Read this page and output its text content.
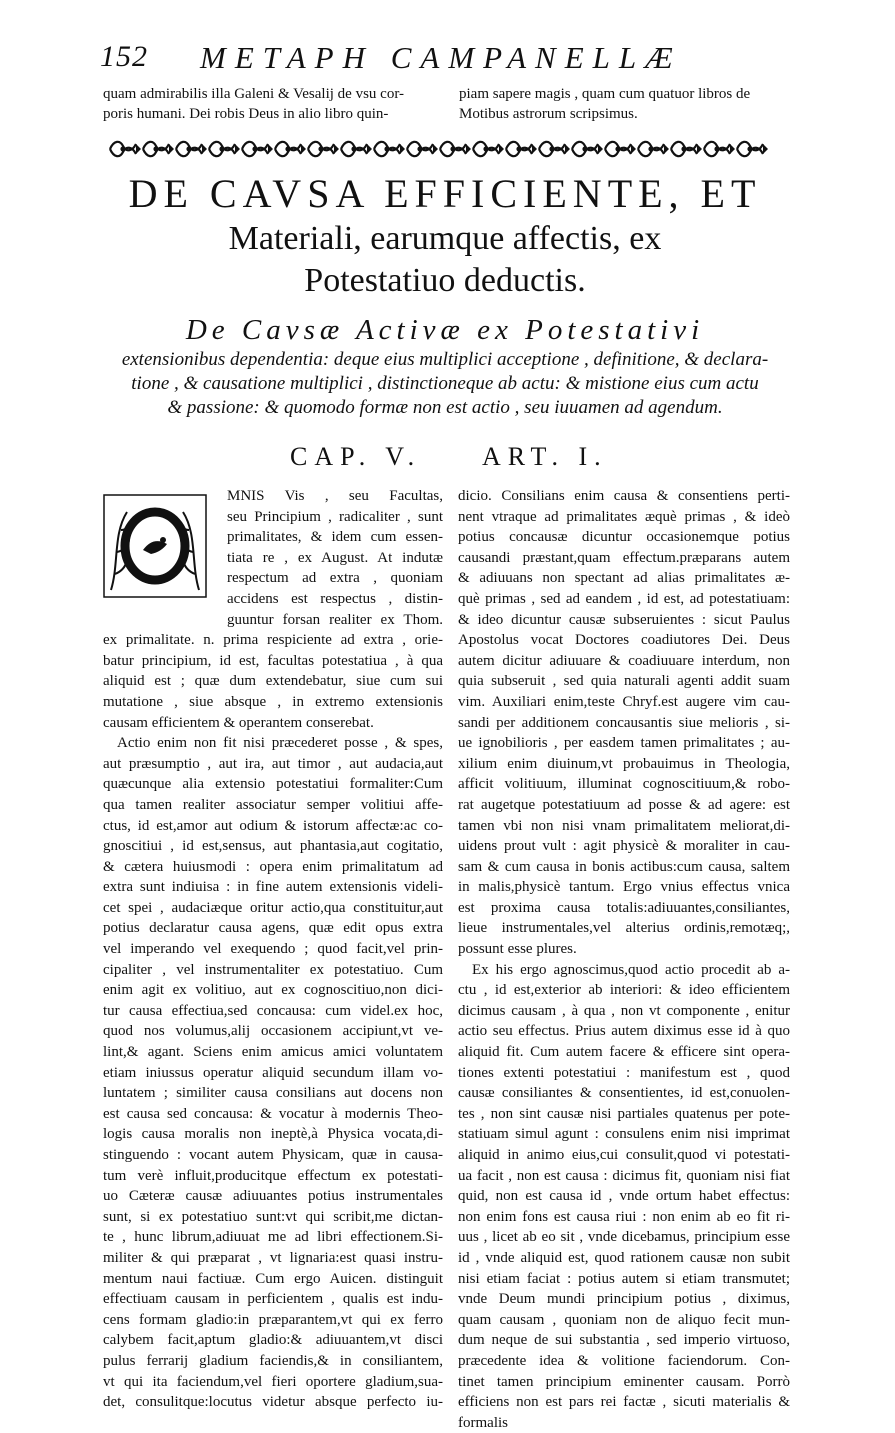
152 METAPH CAMPANELLÆ
quam admirabilis illa Galeni & Vesalij de vsu cor-
poris humani. Dei robis Deus in alio libro quin-
piam sapere magis , quam cum quatuor libros de
Motibus astrorum scripsimus.
DE CAVSA EFFICIENTE, ET
Materiali, earumque affectis, ex
Potestatiuo deductis.
De Cavsæ Activæ ex Potestativi
extensionibus dependentia: deque eius multiplici acceptione , definitione, & declara-
tione , & causatione multiplici , distinctioneque ab actu: & mistione eius cum actu
& passione: & quomodo formæ non est actio , seu iuuamen ad agendum.
CAP. V. ART. I.
MNIS Vis , seu Facultas,
seu Principium , radicaliter , sunt
primalitates, & idem cum essen-
tiata re , ex August. At indutæ
respectum ad extra , quoniam
accidens est respectus , distin-
guuntur forsan realiter ex Thom.
ex primalitate. n. prima respiciente ad extra , orie-
batur principium, id est, facultas potestatiua , à qua
aliquid est ; quæ dum extendebatur, siue cum sui
mutatione , siue absque , in extremo extensionis
causam efficientem & operantem conserebat.
Actio enim non fit nisi præcederet posse , & spes,
aut præsumptio , aut ira, aut timor , aut audacia,aut
quæcunque alia extensio potestatiui formaliter:Cum
qua tamen realiter associatur semper volitiui affe-
ctus, id est,amor aut odium & istorum affectæ:ac co-
gnoscitiui , id est,sensus, aut phantasia,aut cogitatio,
& cætera huiusmodi : opera enim primalitatum ad
extra sunt indiuisa : in fine autem extensionis videli-
cet spei , audaciæque oritur actio,qua constituitur,aut
potius declaratur causa agens, quæ edit opus extra
vel imperando vel exequendo ; quod facit,vel prin-
cipaliter , vel instrumentaliter ex potestatiuo. Cum
enim agit ex volitiuo, aut ex cognoscitiuo,non dici-
tur causa effectiua,sed concausa: cum videl.ex hoc,
quod nos volumus,alij occasionem accipiunt,vt ve-
lint,& agant. Sciens enim amicus amici voluntatem
etiam iniussus operatur aliquid secundum illam vo-
luntatem ; similiter causa consilians aut docens non
est causa sed concausa: & vocatur à modernis Theo-
logis causa moralis non ineptè,à Physica vocata,di-
stinguendo : vocant autem Physicam, quæ in causa-
tum verè influit,producitque effectum ex potestati-
uo Cæteræ causæ adiuuantes potius instrumentales
sunt, si ex potestatiuo sunt:vt qui scribit,me dictan-
te , hunc librum,adiuuat me ad libri effectionem.Si-
militer & qui præparat , vt lignaria:est quasi instru-
mentum naui factiuæ. Cum ergo Auicen. distinguit
effectiuam causam in perficientem , qualis est indu-
cens formam gladio:in præparantem,vt qui ex ferro
calybem facit,aptum gladio:& adiuuantem,vt disci
pulus ferrarij gladium faciendis,& in consiliantem,
vt qui ita faciendum,vel fieri oportere gladium,sua-
det, consulitque:locutus videtur absque perfecto iu-
dicio. Consilians enim causa & consentiens perti-
nent vtraque ad primalitates æquè primas , & ideò
potius concausæ dicuntur occasionemque potius
causandi præstant,quam effectum.præparans autem
& adiuuans non spectant ad alias primalitates æ-
què primas , sed ad eandem , id est, ad potestatiuam:
& ideo dicuntur causæ subseruientes : sicut Paulus
Apostolus vocat Doctores coadiutores Dei. Deus
autem dicitur adiuuare & coadiuuare interdum, non
quia subseruit , sed quia naturali agenti addit suam
vim. Auxiliari enim,teste Chryf.est augere vim cau-
sandi per additionem concausantis siue melioris , si-
ue ignobilioris , per easdem tamen primalitates ; au-
xilium enim diuinum,vt probauimus in Theologia,
afficit volitiuum, illuminat cognoscitiuum,& robo-
rat augetque potestatiuum ad posse & ad agere: est
tamen vbi non nisi vnam primalitatem meliorat,di-
uidens prout vult : agit physicè & moraliter in cau-
sam & cum causa in bonis actibus:cum causa, saltem
in malis,physicè tantum. Ergo vnius effectus vnica
est proxima causa totalis:adiuuantes,consiliantes,
lieue instrumentales,vel alterius ordinis,remotæq;,
possunt esse plures.
Ex his ergo agnoscimus,quod actio procedit ab a-
ctu , id est,exterior ab interiori: & ideo efficientem
dicimus causam , à qua , non vt componente , enitur
actio seu effectus. Prius autem diximus esse id à quo
aliquid fit. Cum autem facere & efficere sint opera-
tiones extenti potestatiui : manifestum est , quod
causæ consiliantes & consentientes, id est,conuolen-
tes , non sint causæ nisi partiales quatenus per pote-
statiuam simul agunt : consulens enim nisi imprimat
aliquid in animo eius,cui consulit,quod vi potestati-
ua facit , non est causa : dicimus fit, quoniam nisi fiat
quid, non est causa id , vnde ortum habet effectus:
non enim fons est causa riui : non enim ab eo fit ri-
uus , licet ab eo sit , vnde dicebamus, principium esse
id , vnde aliquid est, quod rationem causæ non subit
nisi etiam faciat : potius autem si etiam transmutet;
vnde Deum mundi principium potius , diximus,
quam causam , quoniam non de aliquo fecit mun-
dum neque de sui substantia , sed imperio virtuoso,
præcedente idea & volitione faciendorum. Con-
tinet tamen principium eminenter causam. Porrò
efficiens non est pars rei factæ , sicuti materialis &
formalis
